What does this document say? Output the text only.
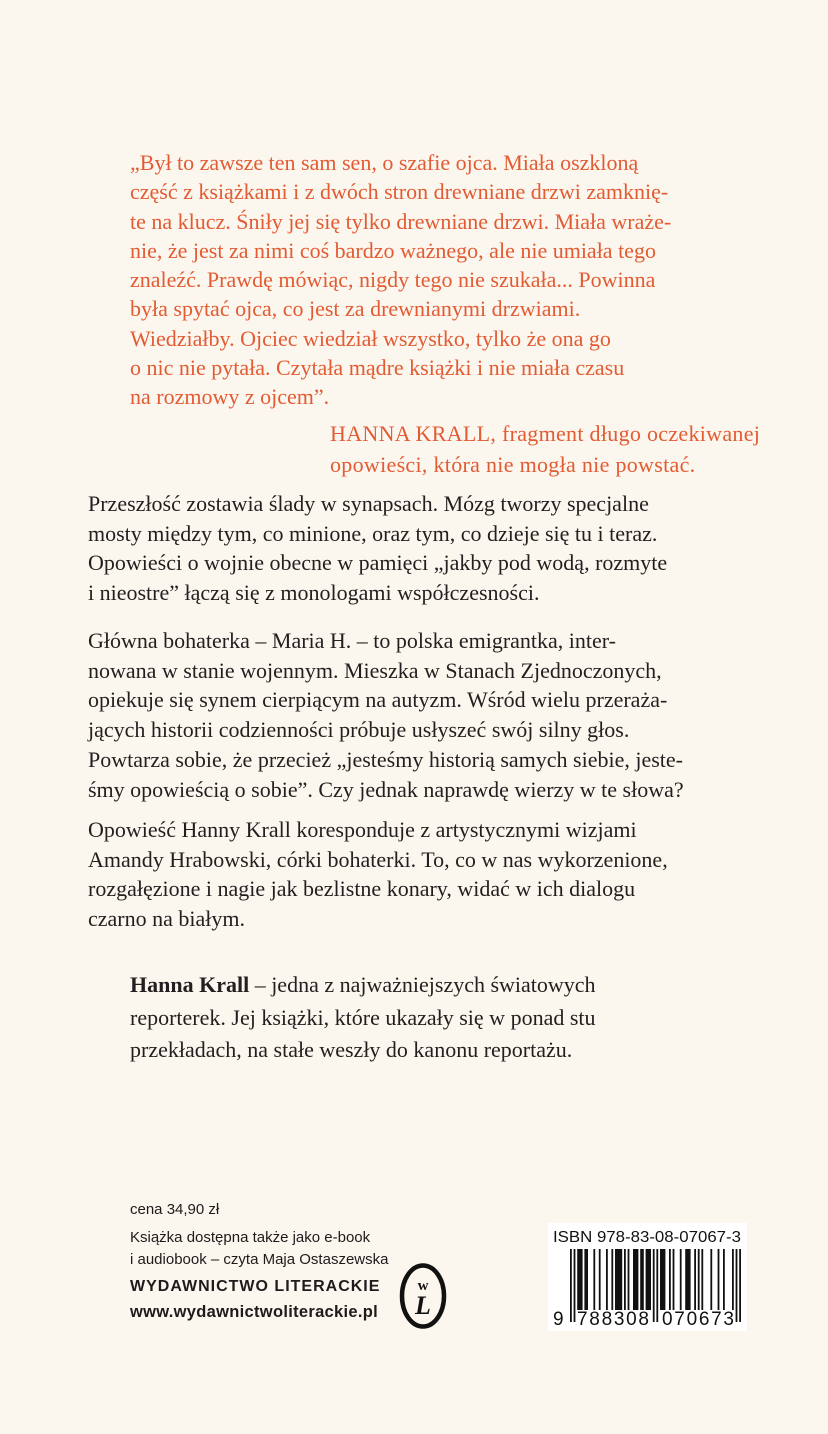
„Był to zawsze ten sam sen, o szafie ojca. Miała oszkloną
część z książkami i z dwóch stron drewniane drzwi zamknię-
te na klucz. Śniły jej się tylko drewniane drzwi. Miała wraże-
nie, że jest za nimi coś bardzo ważnego, ale nie umiała tego
znaleźć. Prawdę mówiąc, nigdy tego nie szukała... Powinna
była spytać ojca, co jest za drewnianymi drzwiami.
Wiedziałby. Ojciec wiedział wszystko, tylko że ona go
o nic nie pytała. Czytała mądre książki i nie miała czasu
na rozmowy z ojcem”.
HANNA KRALL, fragment długo oczekiwanej
opowieści, która nie mogła nie powstać.
Przeszłość zostawia ślady w synapsach. Mózg tworzy specjalne
mosty między tym, co minione, oraz tym, co dzieje się tu i teraz.
Opowieści o wojnie obecne w pamięci „jakby pod wodą, rozmyte
i nieostre” łączą się z monologami współczesności.
Główna bohaterka – Maria H. – to polska emigrantka, inter-
nowana w stanie wojennym. Mieszka w Stanach Zjednoczonych,
opiekuje się synem cierpiącym na autyzm. Wśród wielu przeraża-
jących historii codzienności próbuje usłyszeć swój silny głos.
Powtarza sobie, że przecież „jesteśmy historią samych siebie, jeste-
śmy opowieścią o sobie”. Czy jednak naprawdę wierzy w te słowa?
Opowieść Hanny Krall koresponduje z artystycznymi wizjami
Amandy Hrabowski, córki bohaterki. To, co w nas wykorzenione,
rozgałęzione i nagie jak bezlistne konary, widać w ich dialogu
czarno na białym.
Hanna Krall – jedna z najważniejszych światowych
reporterek. Jej książki, które ukazały się w ponad stu
przekładach, na stałe weszły do kanonu reportażu.
cena 34,90 zł
Książka dostępna także jako e-book
i audiobook – czyta Maja Ostaszewska
WYDAWNICTWO LITERACKIE
www.wydawnictwoliterackie.pl
w
L
ISBN 978-83-08-07067-3
9 788308 070673
